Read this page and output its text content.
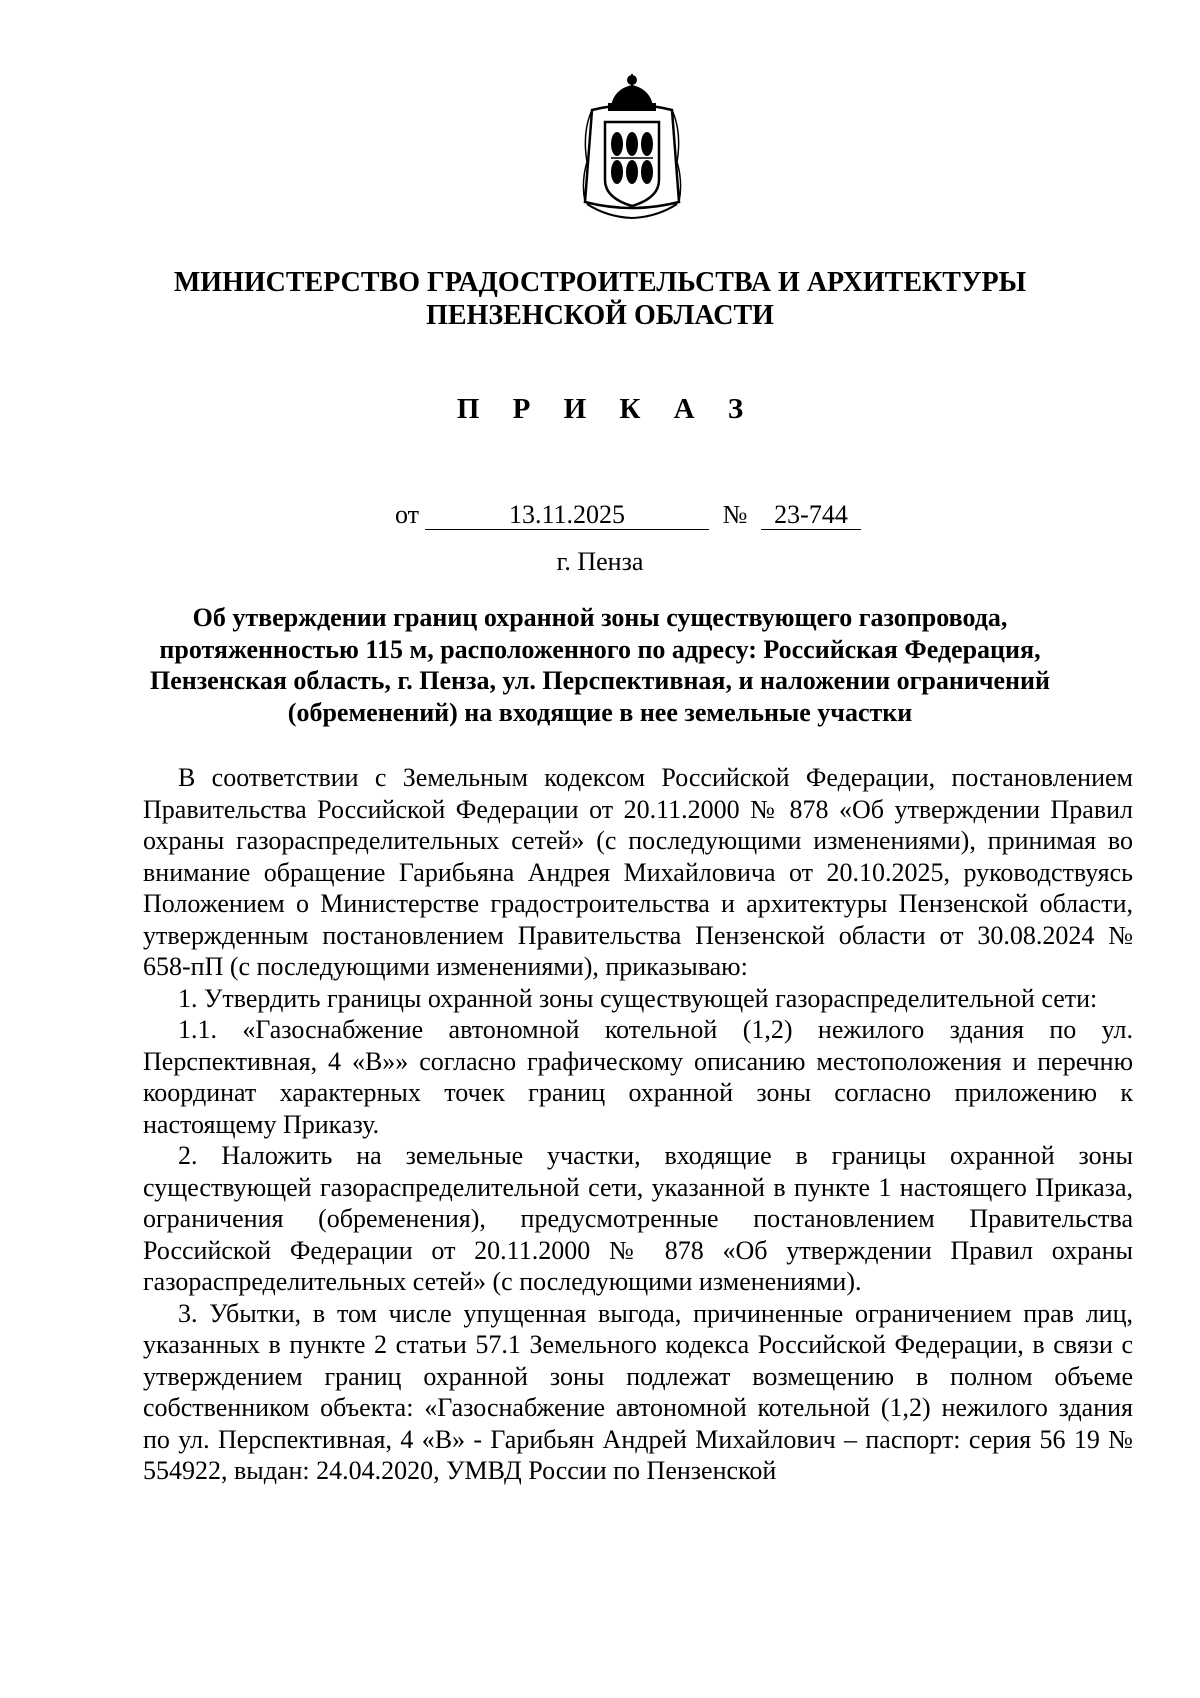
МИНИСТЕРСТВО ГРАДОСТРОИТЕЛЬСТВА И АРХИТЕКТУРЫ
ПЕНЗЕНСКОЙ ОБЛАСТИ
П Р И К А З
от	13.11.2025	№ 23-744
г. Пенза
Об утверждении границ охранной зоны существующего газопровода,
протяженностью 115 м, расположенного по адресу: Российская Федерация,
Пензенская область, г. Пенза, ул. Перспективная, и наложении ограничений
(обременений) на входящие в нее земельные участки

В соответствии с Земельным кодексом Российской Федерации, постановлением Правительства Российской Федерации от 20.11.2000 № 878 «Об утверждении Правил охраны газораспределительных сетей» (с последующими изменениями), принимая во внимание обращение Гарибьяна Андрея Михайловича от 20.10.2025, руководствуясь Положением о Министерстве градостроительства и архитектуры Пензенской области, утвержденным постановлением Правительства Пензенской области от 30.08.2024 № 658-пП (с последующими изменениями), приказываю:

1. Утвердить границы охранной зоны существующей газораспределительной сети:

1.1. «Газоснабжение автономной котельной (1,2) нежилого здания по ул. Перспективная, 4 «В»» согласно графическому описанию местоположения и перечню координат характерных точек границ охранной зоны согласно приложению к настоящему Приказу.

2. Наложить на земельные участки, входящие в границы охранной зоны существующей газораспределительной сети, указанной в пункте 1 настоящего Приказа, ограничения (обременения), предусмотренные постановлением Правительства Российской Федерации от 20.11.2000 № 878 «Об утверждении Правил охраны газораспределительных сетей» (с последующими изменениями).

3. Убытки, в том числе упущенная выгода, причиненные ограничением прав лиц, указанных в пункте 2 статьи 57.1 Земельного кодекса Российской Федерации, в связи с утверждением границ охранной зоны подлежат возмещению в полном объеме собственником объекта: «Газоснабжение автономной котельной (1,2) нежилого здания по ул. Перспективная, 4 «В» - Гарибьян Андрей Михайлович – паспорт: серия 56 19 № 554922, выдан: 24.04.2020, УМВД России по Пензенской
